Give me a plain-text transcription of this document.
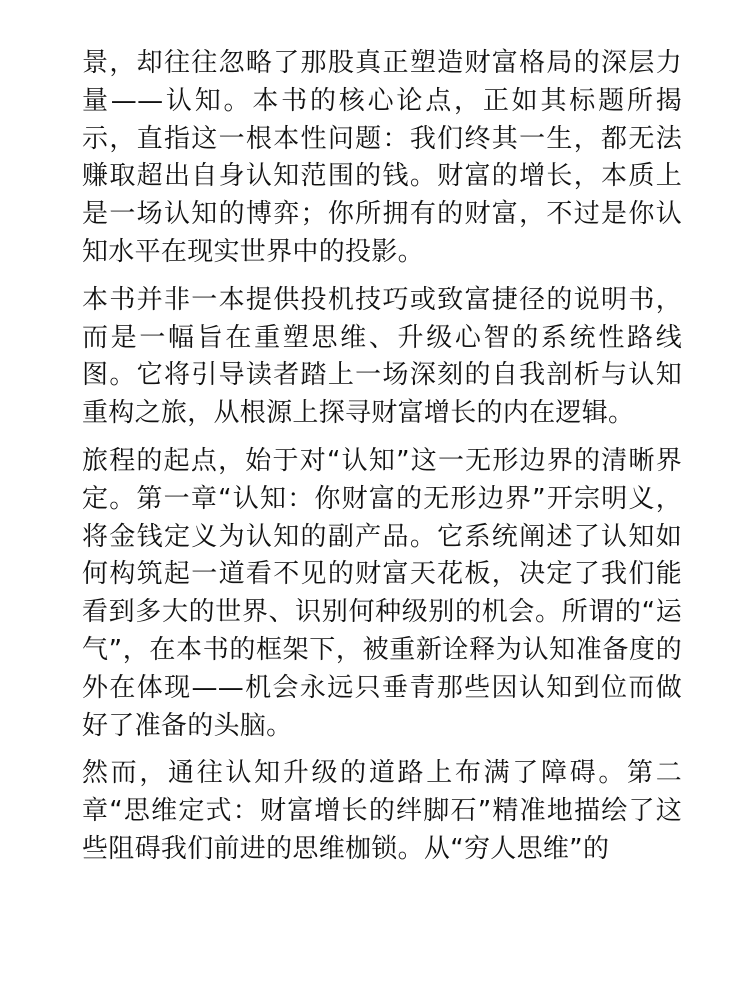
景，却往往忽略了那股真正塑造财富格局的深层力量——认知。本书的核心论点，正如其标题所揭示，直指这一根本性问题：我们终其一生，都无法赚取超出自身认知范围的钱。财富的增长，本质上是一场认知的博弈；你所拥有的财富，不过是你认知水平在现实世界中的投影。

本书并非一本提供投机技巧或致富捷径的说明书，而是一幅旨在重塑思维、升级心智的系统性路线图。它将引导读者踏上一场深刻的自我剖析与认知重构之旅，从根源上探寻财富增长的内在逻辑。

旅程的起点，始于对“认知”这一无形边界的清晰界定。第一章“认知：你财富的无形边界”开宗明义，将金钱定义为认知的副产品。它系统阐述了认知如何构筑起一道看不见的财富天花板，决定了我们能看到多大的世界、识别何种级别的机会。所谓的“运气”，在本书的框架下，被重新诠释为认知准备度的外在体现——机会永远只垂青那些因认知到位而做好了准备的头脑。

然而，通往认知升级的道路上布满了障碍。第二章“思维定式：财富增长的绊脚石”精准地描绘了这些阻碍我们前进的思维枷锁。从“穷人思维”的
